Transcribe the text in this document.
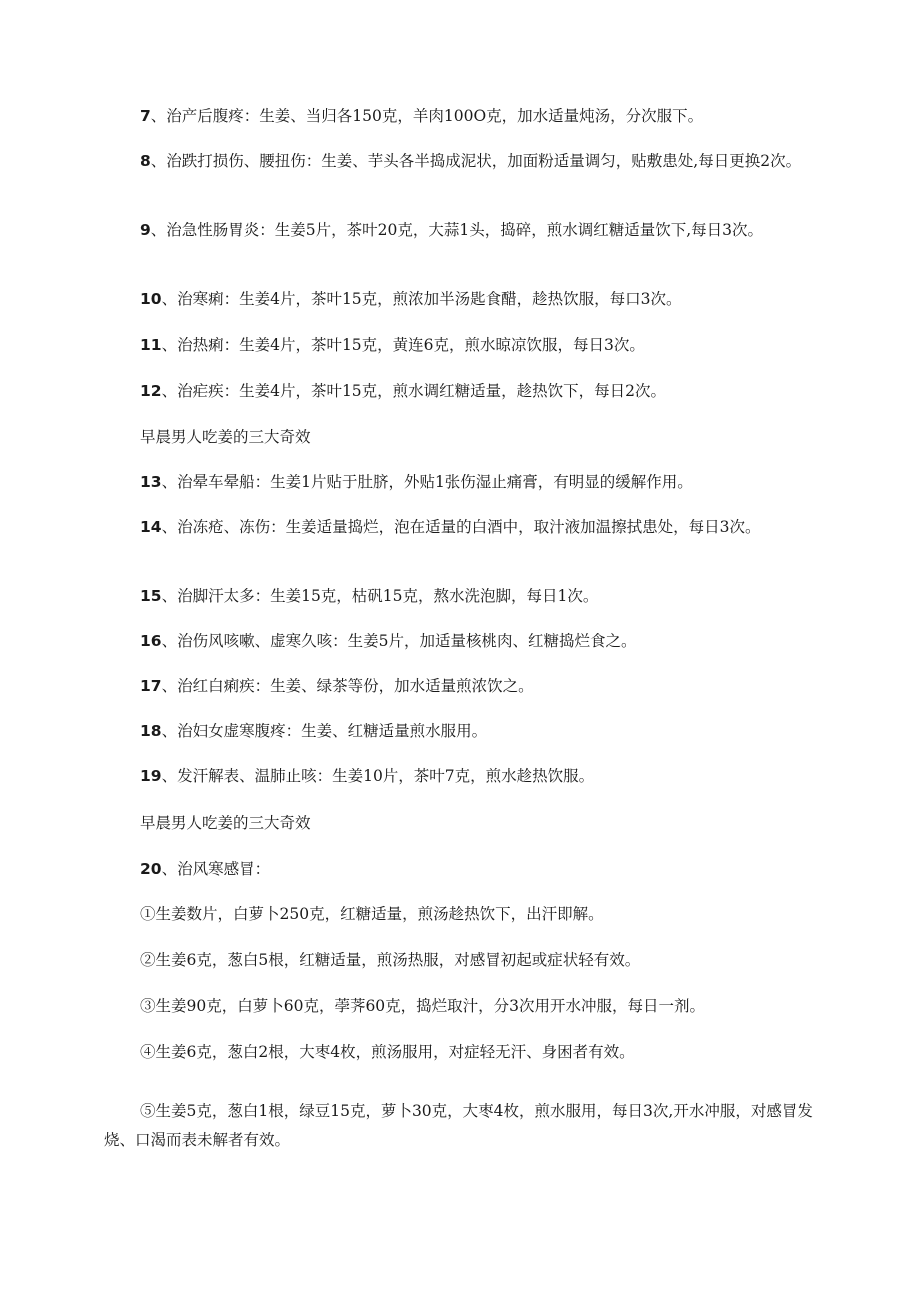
7、治产后腹疼：生姜、当归各150克，羊肉100O克，加水适量炖汤，分次服下。

8、治跌打损伤、腰扭伤：生姜、芋头各半捣成泥状，加面粉适量调匀，贴敷患处,每日更换2次。

9、治急性肠胃炎：生姜5片，茶叶20克，大蒜1头，捣碎，煎水调红糖适量饮下,每日3次。

10、治寒痢：生姜4片，茶叶15克，煎浓加半汤匙食醋，趁热饮服，每口3次。

11、治热痢：生姜4片，茶叶15克，黄连6克，煎水晾凉饮服，每日3次。

12、治疟疾：生姜4片，茶叶15克，煎水调红糖适量，趁热饮下，每日2次。

早晨男人吃姜的三大奇效

13、治晕车晕船：生姜1片贴于肚脐，外贴1张伤湿止痛膏，有明显的缓解作用。

14、治冻疮、冻伤：生姜适量捣烂，泡在适量的白酒中，取汁液加温擦拭患处，每日3次。

15、治脚汗太多：生姜15克，枯矾15克，熬水洗泡脚，每日1次。

16、治伤风咳嗽、虚寒久咳：生姜5片，加适量核桃肉、红糖捣烂食之。

17、治红白痢疾：生姜、绿茶等份，加水适量煎浓饮之。

18、治妇女虚寒腹疼：生姜、红糖适量煎水服用。

19、发汗解表、温肺止咳：生姜10片，茶叶7克，煎水趁热饮服。

早晨男人吃姜的三大奇效

20、治风寒感冒：

①生姜数片，白萝卜250克，红糖适量，煎汤趁热饮下，出汗即解。

②生姜6克，葱白5根，红糖适量，煎汤热服，对感冒初起或症状轻有效。

③生姜90克，白萝卜60克，荸荠60克，捣烂取汁，分3次用开水冲服，每日一剂。

④生姜6克，葱白2根，大枣4枚，煎汤服用，对症轻无汗、身困者有效。

⑤生姜5克，葱白1根，绿豆15克，萝卜30克，大枣4枚，煎水服用，每日3次,开水冲服，对感冒发烧、口渴而表未解者有效。
